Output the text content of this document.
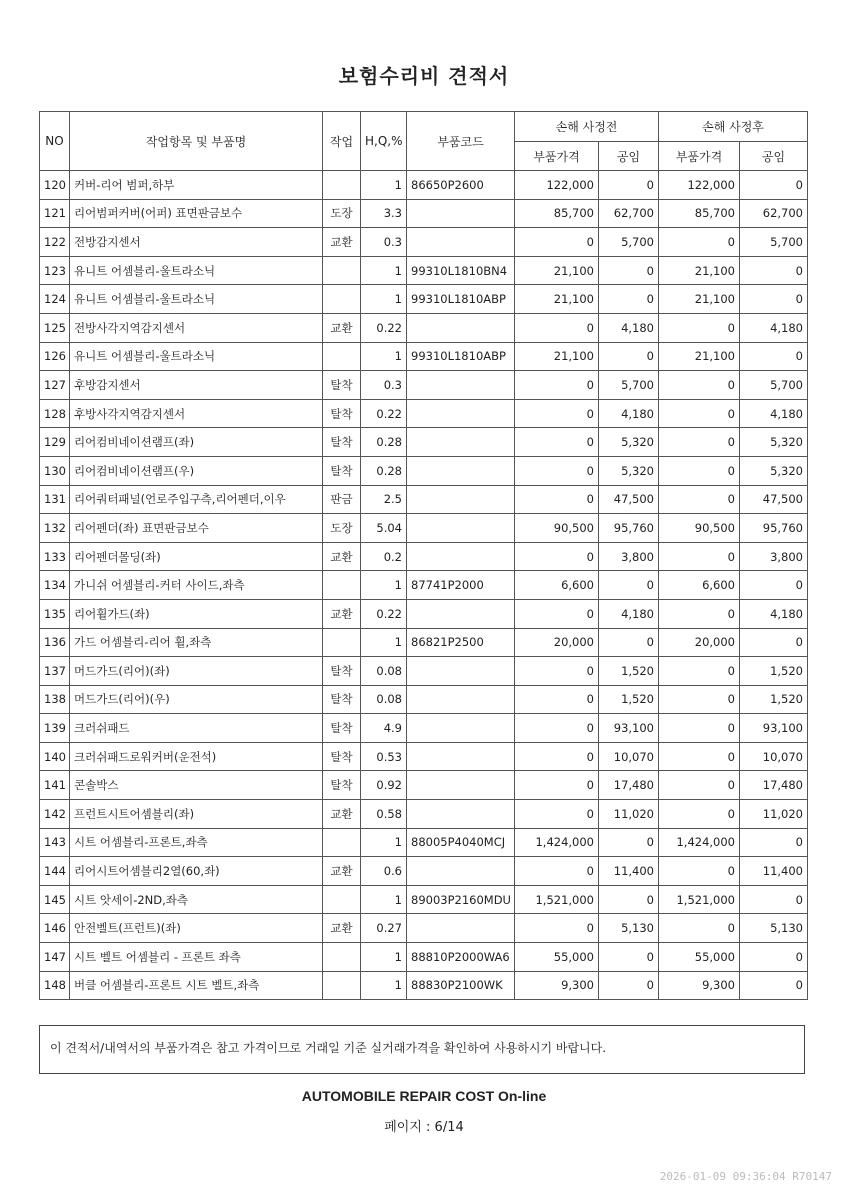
보험수리비 견적서
NO	작업항목 및 부품명	작업	H,Q,%	부품코드	손해 사정전		손해 사정후	
					부품가격	공임	부품가격	공임
120	커버-리어 범퍼,하부		1	86650P2600	122,000	0	122,000	0
121	리어범퍼커버(어퍼) 표면판금보수	도장	3.3		85,700	62,700	85,700	62,700
122	전방감지센서	교환	0.3		0	5,700	0	5,700
123	유니트 어셈블리-울트라소닉		1	99310L1810BN4	21,100	0	21,100	0
124	유니트 어셈블리-울트라소닉		1	99310L1810ABP	21,100	0	21,100	0
125	전방사각지역감지센서	교환	0.22		0	4,180	0	4,180
126	유니트 어셈블리-울트라소닉		1	99310L1810ABP	21,100	0	21,100	0
127	후방감지센서	탈착	0.3		0	5,700	0	5,700
128	후방사각지역감지센서	탈착	0.22		0	4,180	0	4,180
129	리어컴비네이션램프(좌)	탈착	0.28		0	5,320	0	5,320
130	리어컴비네이션램프(우)	탈착	0.28		0	5,320	0	5,320
131	리어쿼터패널(언로주입구측,리어펜더,이우	판금	2.5		0	47,500	0	47,500
132	리어펜더(좌) 표면판금보수	도장	5.04		90,500	95,760	90,500	95,760
133	리어펜더몰딩(좌)	교환	0.2		0	3,800	0	3,800
134	가니쉬 어셈블리-커터 사이드,좌측		1	87741P2000	6,600	0	6,600	0
135	리어휠가드(좌)	교환	0.22		0	4,180	0	4,180
136	가드 어셈블리-리어 휠,좌측		1	86821P2500	20,000	0	20,000	0
137	머드가드(리어)(좌)	탈착	0.08		0	1,520	0	1,520
138	머드가드(리어)(우)	탈착	0.08		0	1,520	0	1,520
139	크러쉬패드	탈착	4.9		0	93,100	0	93,100
140	크러쉬패드로워커버(운전석)	탈착	0.53		0	10,070	0	10,070
141	콘솔박스	탈착	0.92		0	17,480	0	17,480
142	프런트시트어셈블리(좌)	교환	0.58		0	11,020	0	11,020
143	시트 어셈블리-프론트,좌측		1	88005P4040MCJ	1,424,000	0	1,424,000	0
144	리어시트어셈블리2열(60,좌)	교환	0.6		0	11,400	0	11,400
145	시트 앗세이-2ND,좌측		1	89003P2160MDU	1,521,000	0	1,521,000	0
146	안전벨트(프런트)(좌)	교환	0.27		0	5,130	0	5,130
147	시트 벨트 어셈블리 - 프론트 좌측		1	88810P2000WA6	55,000	0	55,000	0
148	버클 어셈블리-프론트 시트 벨트,좌측		1	88830P2100WK	9,300	0	9,300	0
이 견적서/내역서의 부품가격은 참고 가격이므로 거래일 기준 실거래가격을 확인하여 사용하시기 바랍니다.
AUTOMOBILE REPAIR COST On-line
페이지 : 6/14
2026-01-09 09:36:04 R70147
